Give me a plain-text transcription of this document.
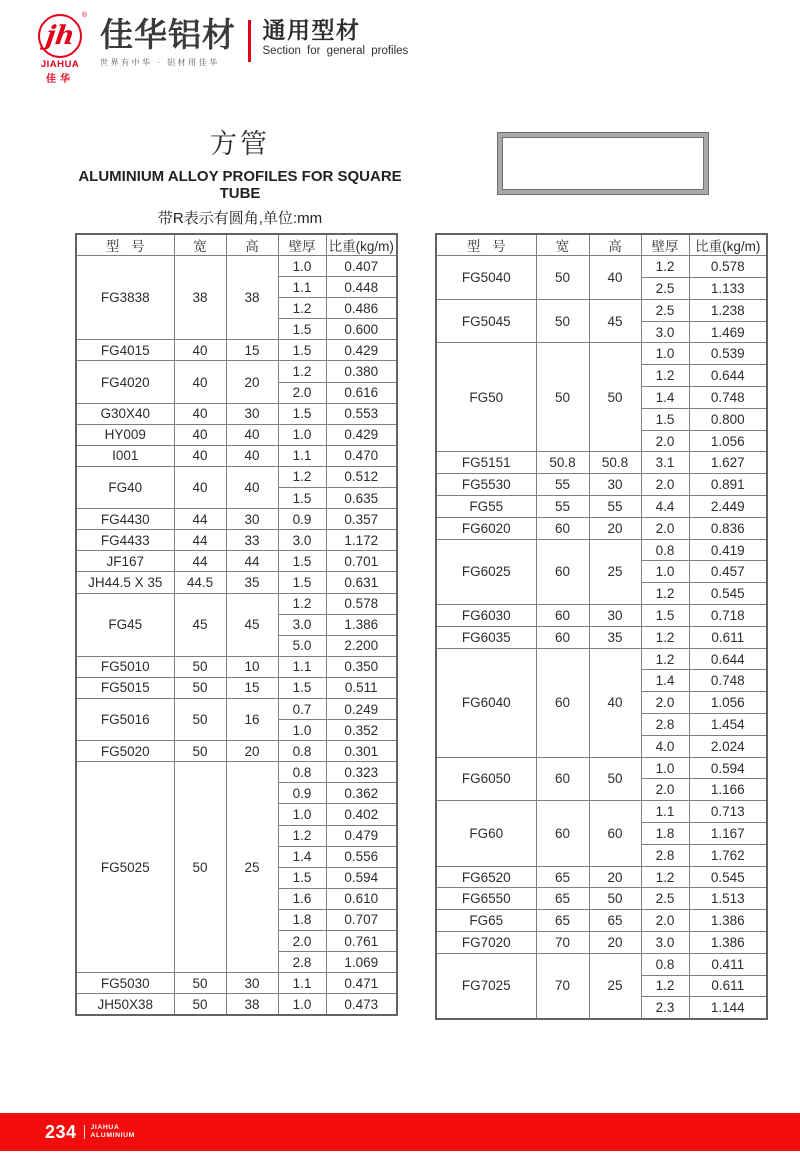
jh
®
JIAHUA
佳华
佳华铝材
世界有中华 · 铝材用佳华
通用型材
Section for general profiles
方管
ALUMINIUM ALLOY PROFILES FOR SQUARE TUBE
带R表示有圆角,单位:mm
型 号	宽	高	壁厚	比重(kg/m)
FG3838	38	38	1.0	0.407
			1.1	0.448
			1.2	0.486
			1.5	0.600
FG4015	40	15	1.5	0.429
FG4020	40	20	1.2	0.380
			2.0	0.616
G30X40	40	30	1.5	0.553
HY009	40	40	1.0	0.429
I001	40	40	1.1	0.470
FG40	40	40	1.2	0.512
			1.5	0.635
FG4430	44	30	0.9	0.357
FG4433	44	33	3.0	1.172
JF167	44	44	1.5	0.701
JH44.5 X 35	44.5	35	1.5	0.631
FG45	45	45	1.2	0.578
			3.0	1.386
			5.0	2.200
FG5010	50	10	1.1	0.350
FG5015	50	15	1.5	0.511
FG5016	50	16	0.7	0.249
			1.0	0.352
FG5020	50	20	0.8	0.301
FG5025	50	25	0.8	0.323
			0.9	0.362
			1.0	0.402
			1.2	0.479
			1.4	0.556
			1.5	0.594
			1.6	0.610
			1.8	0.707
			2.0	0.761
			2.8	1.069
FG5030	50	30	1.1	0.471
JH50X38	50	38	1.0	0.473
型 号	宽	高	壁厚	比重(kg/m)
FG5040	50	40	1.2	0.578
			2.5	1.133
FG5045	50	45	2.5	1.238
			3.0	1.469
FG50	50	50	1.0	0.539
			1.2	0.644
			1.4	0.748
			1.5	0.800
			2.0	1.056
FG5151	50.8	50.8	3.1	1.627
FG5530	55	30	2.0	0.891
FG55	55	55	4.4	2.449
FG6020	60	20	2.0	0.836
FG6025	60	25	0.8	0.419
			1.0	0.457
			1.2	0.545
FG6030	60	30	1.5	0.718
FG6035	60	35	1.2	0.611
FG6040	60	40	1.2	0.644
			1.4	0.748
			2.0	1.056
			2.8	1.454
			4.0	2.024
FG6050	60	50	1.0	0.594
			2.0	1.166
FG60	60	60	1.1	0.713
			1.8	1.167
			2.8	1.762
FG6520	65	20	1.2	0.545
FG6550	65	50	2.5	1.513
FG65	65	65	2.0	1.386
FG7020	70	20	3.0	1.386
FG7025	70	25	0.8	0.411
			1.2	0.611
			2.3	1.144
234 JIAHUA
ALUMINIUM
